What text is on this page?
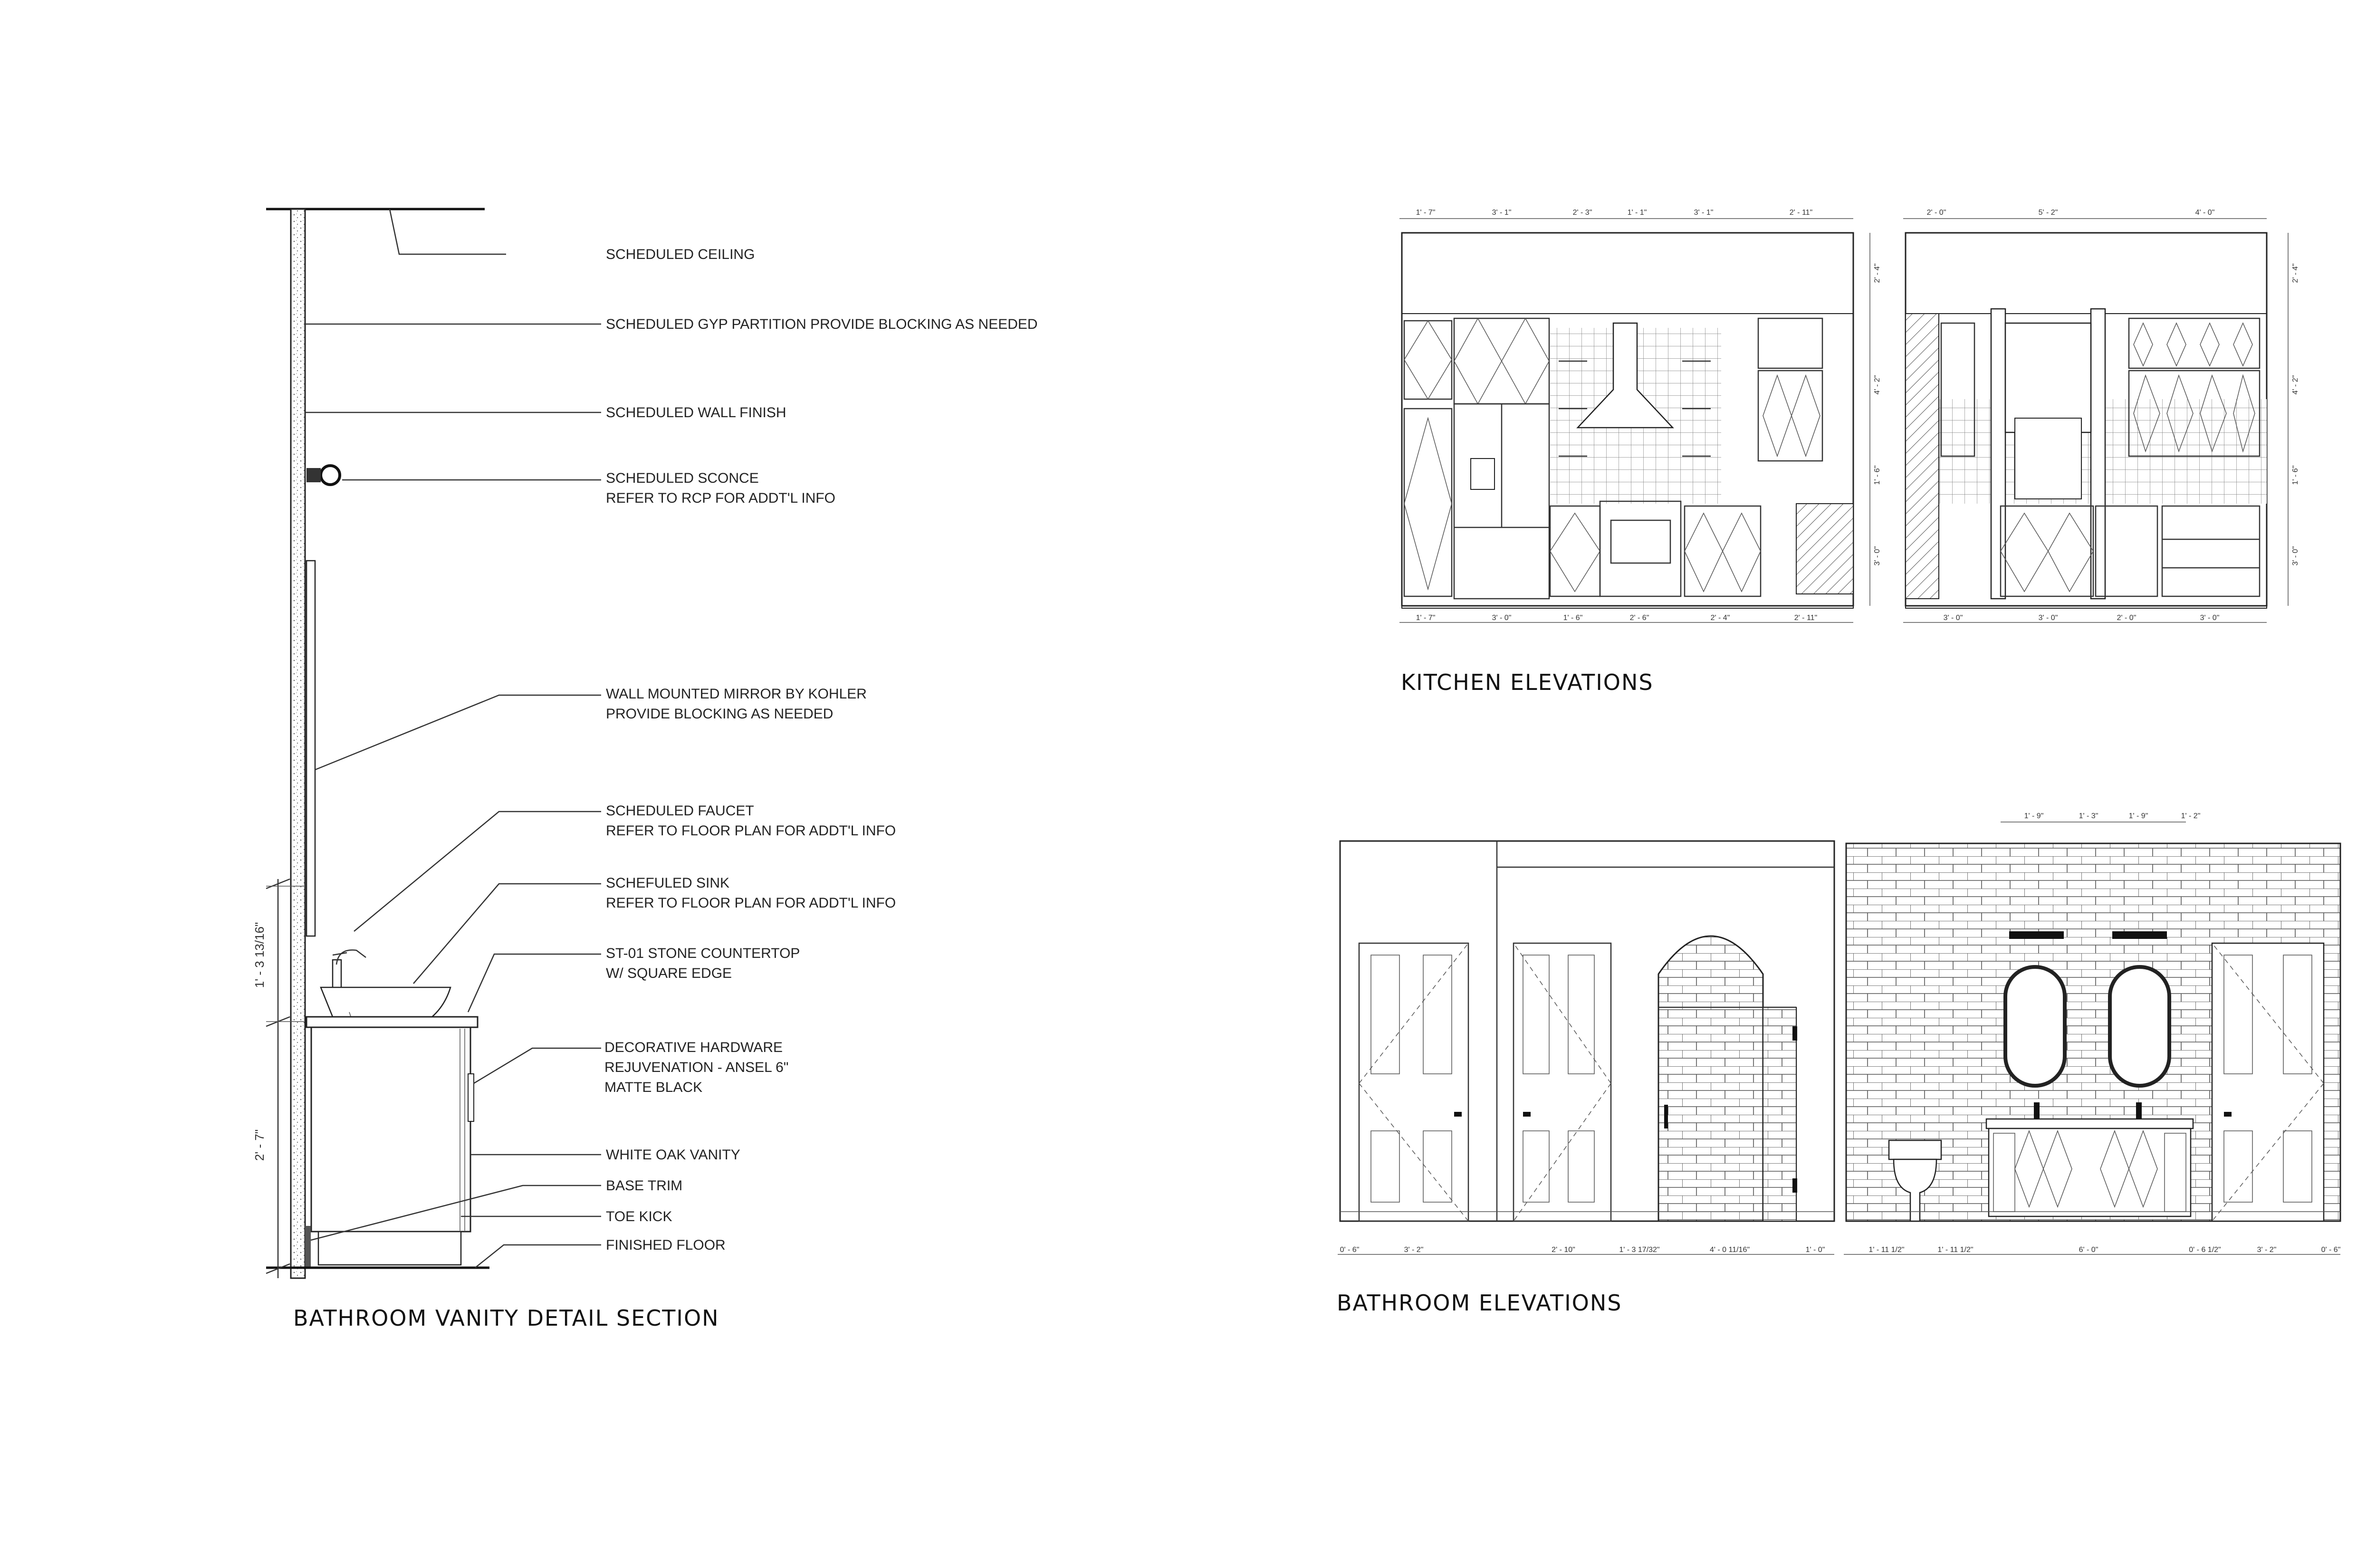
1' - 3 13/16"
2' - 7"
SCHEDULED CEILING
SCHEDULED GYP PARTITION PROVIDE BLOCKING AS NEEDED
SCHEDULED WALL FINISH
SCHEDULED SCONCE
REFER TO RCP FOR ADDT'L INFO
WALL MOUNTED MIRROR BY KOHLER
PROVIDE BLOCKING AS NEEDED
SCHEDULED FAUCET
REFER TO FLOOR PLAN FOR ADDT'L INFO
SCHEFULED SINK
REFER TO FLOOR PLAN FOR ADDT'L INFO
ST-01 STONE COUNTERTOP
W/ SQUARE EDGE
DECORATIVE HARDWARE
REJUVENATION - ANSEL 6"
MATTE BLACK
WHITE OAK VANITY
BASE TRIM
TOE KICK
FINISHED FLOOR
BATHROOM VANITY DETAIL SECTION
1' - 7"	3' - 1"	2' - 3"	1' - 1"	3' - 1"	2' - 11"
1' - 7"	3' - 0"	1' - 6"	2' - 6"	2' - 4"	2' - 11"
2' - 0"	5' - 2"	4' - 0"
3' - 0"	3' - 0"	2' - 0"	3' - 0"
2' - 4"
4' - 2"
1' - 6"
3' - 0"
2' - 4"
4' - 2"
1' - 6"
3' - 0"
KITCHEN ELEVATIONS
0' - 6"	3' - 2"	2' - 10"	1' - 3 17/32"	4' - 0 11/16"	1' - 0"
1' - 9"	1' - 3"	1' - 9"	1' - 2"
1' - 11 1/2"	1' - 11 1/2"	6' - 0"	0' - 6 1/2"	3' - 2"	0' - 6"
BATHROOM ELEVATIONS
